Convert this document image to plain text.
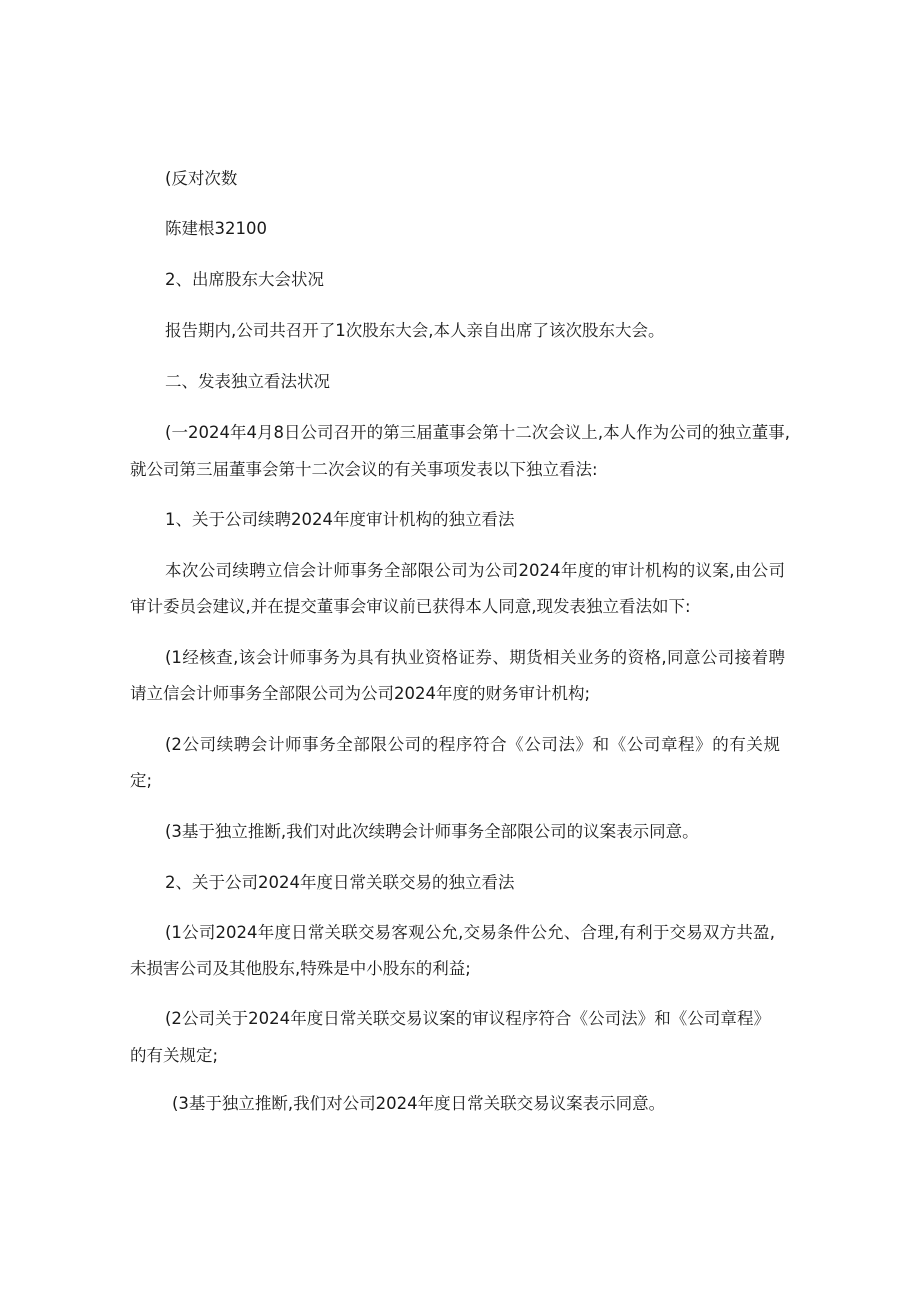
(反对次数
陈建根32100
2、出席股东大会状况
报告期内,公司共召开了1次股东大会,本人亲自出席了该次股东大会。
二、发表独立看法状况
(一2024年4月8日公司召开的第三届董事会第十二次会议上,本人作为公司的独立董事,
就公司第三届董事会第十二次会议的有关事项发表以下独立看法:
1、关于公司续聘2024年度审计机构的独立看法
本次公司续聘立信会计师事务全部限公司为公司2024年度的审计机构的议案,由公司
审计委员会建议,并在提交董事会审议前已获得本人同意,现发表独立看法如下:
(1经核查,该会计师事务为具有执业资格证券、期货相关业务的资格,同意公司接着聘
请立信会计师事务全部限公司为公司2024年度的财务审计机构;
(2公司续聘会计师事务全部限公司的程序符合《公司法》和《公司章程》的有关规
定;
(3基于独立推断,我们对此次续聘会计师事务全部限公司的议案表示同意。
2、关于公司2024年度日常关联交易的独立看法
(1公司2024年度日常关联交易客观公允,交易条件公允、合理,有利于交易双方共盈,
未损害公司及其他股东,特殊是中小股东的利益;
(2公司关于2024年度日常关联交易议案的审议程序符合《公司法》和《公司章程》
的有关规定;
(3基于独立推断,我们对公司2024年度日常关联交易议案表示同意。
